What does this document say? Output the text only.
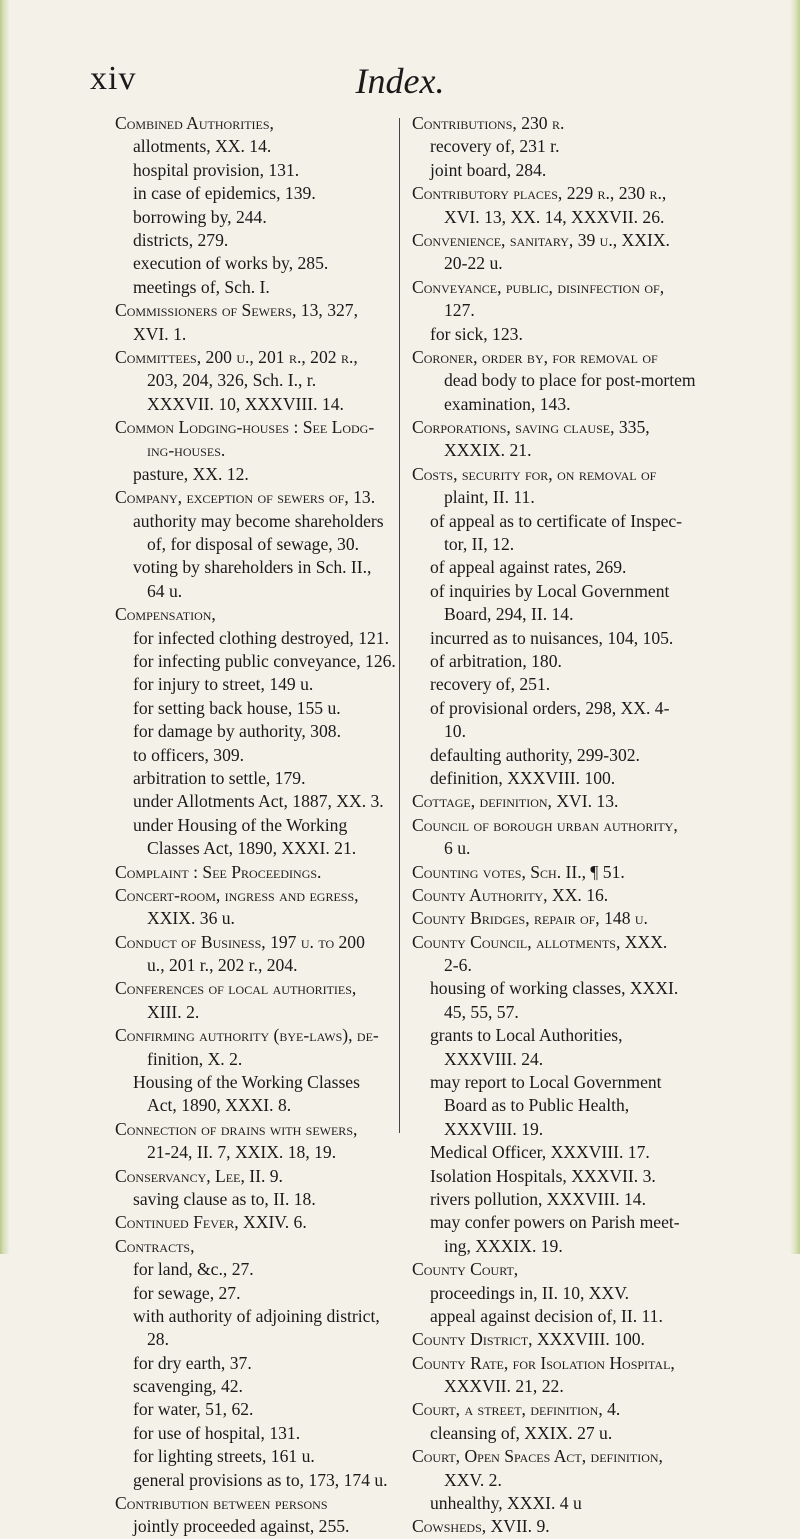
xiv	Index.
Combined Authorities,
allotments, XX. 14.
hospital provision, 131.
in case of epidemics, 139.
borrowing by, 244.
districts, 279.
execution of works by, 285.
meetings of, Sch. I.
Commissioners of Sewers, 13, 327,
XVI. 1.
Committees, 200 u., 201 r., 202 r.,
203, 204, 326, Sch. I., r.
XXXVII. 10, XXXVIII. 14.
Common Lodging-houses : See Lodg-
ing-houses.
pasture, XX. 12.
Company, exception of sewers of, 13.
authority may become shareholders
of, for disposal of sewage, 30.
voting by shareholders in Sch. II.,
64 u.
Compensation,
for infected clothing destroyed, 121.
for infecting public conveyance, 126.
for injury to street, 149 u.
for setting back house, 155 u.
for damage by authority, 308.
to officers, 309.
arbitration to settle, 179.
under Allotments Act, 1887, XX. 3.
under Housing of the Working
Classes Act, 1890, XXXI. 21.
Complaint : See Proceedings.
Concert-room, ingress and egress,
XXIX. 36 u.
Conduct of Business, 197 u. to 200
u., 201 r., 202 r., 204.
Conferences of local authorities,
XIII. 2.
Confirming authority (bye-laws), de-
finition, X. 2.
Housing of the Working Classes
Act, 1890, XXXI. 8.
Connection of drains with sewers,
21-24, II. 7, XXIX. 18, 19.
Conservancy, Lee, II. 9.
saving clause as to, II. 18.
Continued Fever, XXIV. 6.
Contracts,
for land, &c., 27.
for sewage, 27.
with authority of adjoining district,
28.
for dry earth, 37.
scavenging, 42.
for water, 51, 62.
for use of hospital, 131.
for lighting streets, 161 u.
general provisions as to, 173, 174 u.
Contribution between persons
jointly proceeded against, 255.
Contributions, 230 r.
recovery of, 231 r.
joint board, 284.
Contributory places, 229 r., 230 r.,
XVI. 13, XX. 14, XXXVII. 26.
Convenience, sanitary, 39 u., XXIX.
20-22 u.
Conveyance, public, disinfection of,
127.
for sick, 123.
Coroner, order by, for removal of
dead body to place for post-mortem
examination, 143.
Corporations, saving clause, 335,
XXXIX. 21.
Costs, security for, on removal of
plaint, II. 11.
of appeal as to certificate of Inspec-
tor, II, 12.
of appeal against rates, 269.
of inquiries by Local Government
Board, 294, II. 14.
incurred as to nuisances, 104, 105.
of arbitration, 180.
recovery of, 251.
of provisional orders, 298, XX. 4-
10.
defaulting authority, 299-302.
definition, XXXVIII. 100.
Cottage, definition, XVI. 13.
Council of borough urban authority,
6 u.
Counting votes, Sch. II., ¶ 51.
County Authority, XX. 16.
County Bridges, repair of, 148 u.
County Council, allotments, XXX.
2-6.
housing of working classes, XXXI.
45, 55, 57.
grants to Local Authorities,
XXXVIII. 24.
may report to Local Government
Board as to Public Health,
XXXVIII. 19.
Medical Officer, XXXVIII. 17.
Isolation Hospitals, XXXVII. 3.
rivers pollution, XXXVIII. 14.
may confer powers on Parish meet-
ing, XXXIX. 19.
County Court,
proceedings in, II. 10, XXV.
appeal against decision of, II. 11.
County District, XXXVIII. 100.
County Rate, for Isolation Hospital,
XXXVII. 21, 22.
Court, a street, definition, 4.
cleansing of, XXIX. 27 u.
Court, Open Spaces Act, definition,
XXV. 2.
unhealthy, XXXI. 4 u
Cowsheds, XVII. 9.
